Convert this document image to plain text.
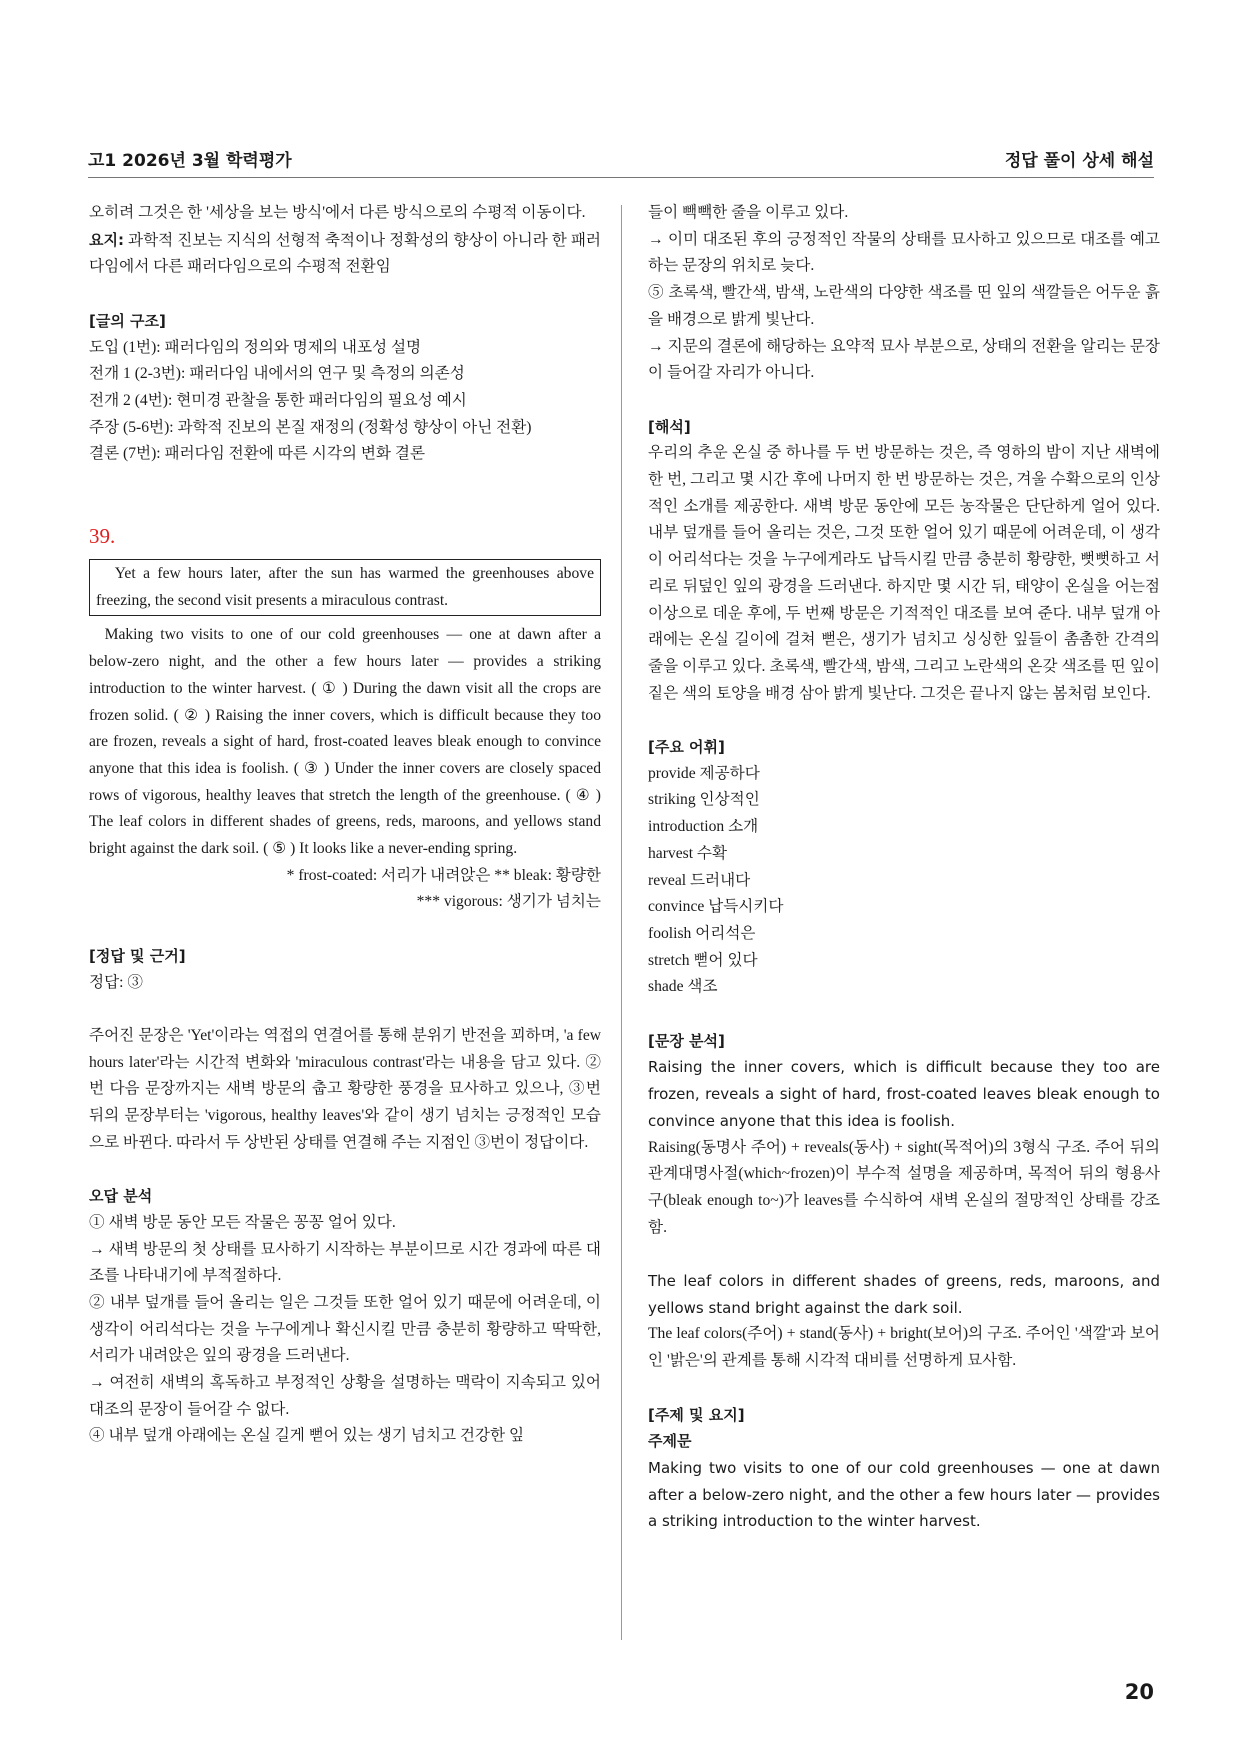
고1 2026년 3월 학력평가	정답 풀이 상세 해설

오히려 그것은 한 '세상을 보는 방식'에서 다른 방식으로의 수평적 이동이다.

요지: 과학적 진보는 지식의 선형적 축적이나 정확성의 향상이 아니라 한 패러다임에서 다른 패러다임으로의 수평적 전환임

[글의 구조]

도입 (1번): 패러다임의 정의와 명제의 내포성 설명

전개 1 (2-3번): 패러다임 내에서의 연구 및 측정의 의존성

전개 2 (4번): 현미경 관찰을 통한 패러다임의 필요성 예시

주장 (5-6번): 과학적 진보의 본질 재정의 (정확성 향상이 아닌 전환)

결론 (7번): 패러다임 전환에 따른 시각의 변화 결론

39.

Yet a few hours later, after the sun has warmed the greenhouses above freezing, the second visit presents a miraculous contrast.

Making two visits to one of our cold greenhouses — one at dawn after a below-zero night, and the other a few hours later — provides a striking introduction to the winter harvest. ( ① ) During the dawn visit all the crops are frozen solid. ( ② ) Raising the inner covers, which is difficult because they too are frozen, reveals a sight of hard, frost-coated leaves bleak enough to convince anyone that this idea is foolish. ( ③ ) Under the inner covers are closely spaced rows of vigorous, healthy leaves that stretch the length of the greenhouse. ( ④ ) The leaf colors in different shades of greens, reds, maroons, and yellows stand bright against the dark soil. ( ⑤ ) It looks like a never-ending spring.

* frost-coated: 서리가 내려앉은 ** bleak: 황량한

*** vigorous: 생기가 넘치는

[정답 및 근거]

정답: ③

주어진 문장은 'Yet'이라는 역접의 연결어를 통해 분위기 반전을 꾀하며, 'a few hours later'라는 시간적 변화와 'miraculous contrast'라는 내용을 담고 있다. ②번 다음 문장까지는 새벽 방문의 춥고 황량한 풍경을 묘사하고 있으나, ③번 뒤의 문장부터는 'vigorous, healthy leaves'와 같이 생기 넘치는 긍정적인 모습으로 바뀐다. 따라서 두 상반된 상태를 연결해 주는 지점인 ③번이 정답이다.

오답 분석

① 새벽 방문 동안 모든 작물은 꽁꽁 얼어 있다.

→ 새벽 방문의 첫 상태를 묘사하기 시작하는 부분이므로 시간 경과에 따른 대조를 나타내기에 부적절하다.

② 내부 덮개를 들어 올리는 일은 그것들 또한 얼어 있기 때문에 어려운데, 이 생각이 어리석다는 것을 누구에게나 확신시킬 만큼 충분히 황량하고 딱딱한, 서리가 내려앉은 잎의 광경을 드러낸다.

→ 여전히 새벽의 혹독하고 부정적인 상황을 설명하는 맥락이 지속되고 있어 대조의 문장이 들어갈 수 없다.

④ 내부 덮개 아래에는 온실 길게 뻗어 있는 생기 넘치고 건강한 잎

들이 빽빽한 줄을 이루고 있다.

→ 이미 대조된 후의 긍정적인 작물의 상태를 묘사하고 있으므로 대조를 예고하는 문장의 위치로 늦다.

⑤ 초록색, 빨간색, 밤색, 노란색의 다양한 색조를 띤 잎의 색깔들은 어두운 흙을 배경으로 밝게 빛난다.

→ 지문의 결론에 해당하는 요약적 묘사 부분으로, 상태의 전환을 알리는 문장이 들어갈 자리가 아니다.

[해석]

우리의 추운 온실 중 하나를 두 번 방문하는 것은, 즉 영하의 밤이 지난 새벽에 한 번, 그리고 몇 시간 후에 나머지 한 번 방문하는 것은, 겨울 수확으로의 인상적인 소개를 제공한다. 새벽 방문 동안에 모든 농작물은 단단하게 얼어 있다. 내부 덮개를 들어 올리는 것은, 그것 또한 얼어 있기 때문에 어려운데, 이 생각이 어리석다는 것을 누구에게라도 납득시킬 만큼 충분히 황량한, 뻣뻣하고 서리로 뒤덮인 잎의 광경을 드러낸다. 하지만 몇 시간 뒤, 태양이 온실을 어는점 이상으로 데운 후에, 두 번째 방문은 기적적인 대조를 보여 준다. 내부 덮개 아래에는 온실 길이에 걸쳐 뻗은, 생기가 넘치고 싱싱한 잎들이 촘촘한 간격의 줄을 이루고 있다. 초록색, 빨간색, 밤색, 그리고 노란색의 온갖 색조를 띤 잎이 짙은 색의 토양을 배경 삼아 밝게 빛난다. 그것은 끝나지 않는 봄처럼 보인다.

[주요 어휘]

provide 제공하다

striking 인상적인

introduction 소개

harvest 수확

reveal 드러내다

convince 납득시키다

foolish 어리석은

stretch 뻗어 있다

shade 색조

[문장 분석]

Raising the inner covers, which is difficult because they too are frozen, reveals a sight of hard, frost-coated leaves bleak enough to convince anyone that this idea is foolish.

Raising(동명사 주어) + reveals(동사) + sight(목적어)의 3형식 구조. 주어 뒤의 관계대명사절(which~frozen)이 부수적 설명을 제공하며, 목적어 뒤의 형용사구(bleak enough to~)가 leaves를 수식하여 새벽 온실의 절망적인 상태를 강조함.

The leaf colors in different shades of greens, reds, maroons, and yellows stand bright against the dark soil.

The leaf colors(주어) + stand(동사) + bright(보어)의 구조. 주어인 '색깔'과 보어인 '밝은'의 관계를 통해 시각적 대비를 선명하게 묘사함.

[주제 및 요지]

주제문

Making two visits to one of our cold greenhouses — one at dawn after a below-zero night, and the other a few hours later — provides a striking introduction to the winter harvest.

20
